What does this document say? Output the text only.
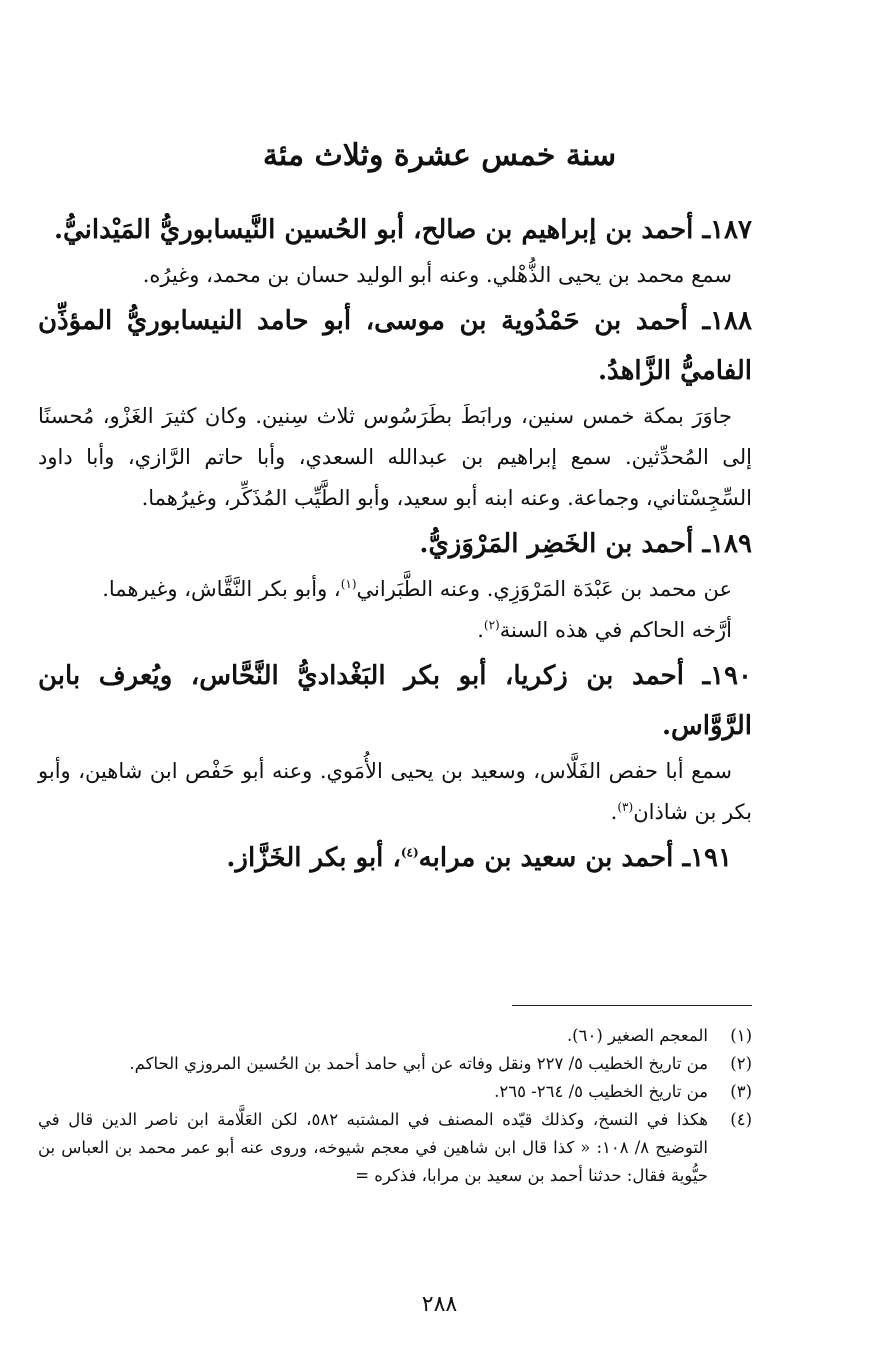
سنة خمس عشرة وثلاث مئة

١٨٧ـ أحمد بن إبراهيم بن صالح، أبو الحُسين النَّيسابوريُّ المَيْدانيُّ.

سمع محمد بن يحيى الذُّهْلي. وعنه أبو الوليد حسان بن محمد، وغيرُه.

١٨٨ـ أحمد بن حَمْدُوية بن موسى، أبو حامد النيسابوريُّ المؤذِّن الفاميُّ الزَّاهدُ.

جاوَرَ بمكة خمس سنين، ورابَطَ بطَرَسُوس ثلاث سِنين. وكان كثيرَ الغَزْو، مُحسنًا إلى المُحدِّثين. سمع إبراهيم بن عبدالله السعدي، وأبا حاتم الرَّازي، وأبا داود السِّجِسْتاني، وجماعة. وعنه ابنه أبو سعيد، وأبو الطَّيِّب المُذَكِّر، وغيرُهما.

١٨٩ـ أحمد بن الخَضِر المَرْوَزيُّ.

عن محمد بن عَبْدَة المَرْوَزِي. وعنه الطَّبَراني$^{(١)}$، وأبو بكر النَّقَّاش، وغيرهما.

أرَّخه الحاكم في هذه السنة$^{(٢)}$.

١٩٠ـ أحمد بن زكريا، أبو بكر البَغْداديُّ النَّحَّاس، ويُعرف بابن الرَّوَّاس.

سمع أبا حفص الفَلَّاس، وسعيد بن يحيى الأُمَوي. وعنه أبو حَفْص ابن شاهين، وأبو بكر بن شاذان$^{(٣)}$.

١٩١ـ أحمد بن سعيد بن مرابه$^{(٤)}$، أبو بكر الخَزَّاز.

(١)
المعجم الصغير (٦٠).
(٢)
من تاريخ الخطيب ٥/ ٢٢٧ ونقل وفاته عن أبي حامد أحمد بن الحُسين المروزي الحاكم.
(٣)
من تاريخ الخطيب ٥/ ٢٦٤- ٢٦٥.
(٤)
هكذا في النسخ، وكذلك قيّده المصنف في المشتبه ٥٨٢، لكن العَلَّامة ابن ناصر الدين قال في التوضيح ٨/ ١٠٨: « كذا قال ابن شاهين في معجم شيوخه، وروى عنه أبو عمر محمد بن العباس بن حيُّوية فقال: حدثنا أحمد بن سعيد بن مرابا، فذكره =
٢٨٨
